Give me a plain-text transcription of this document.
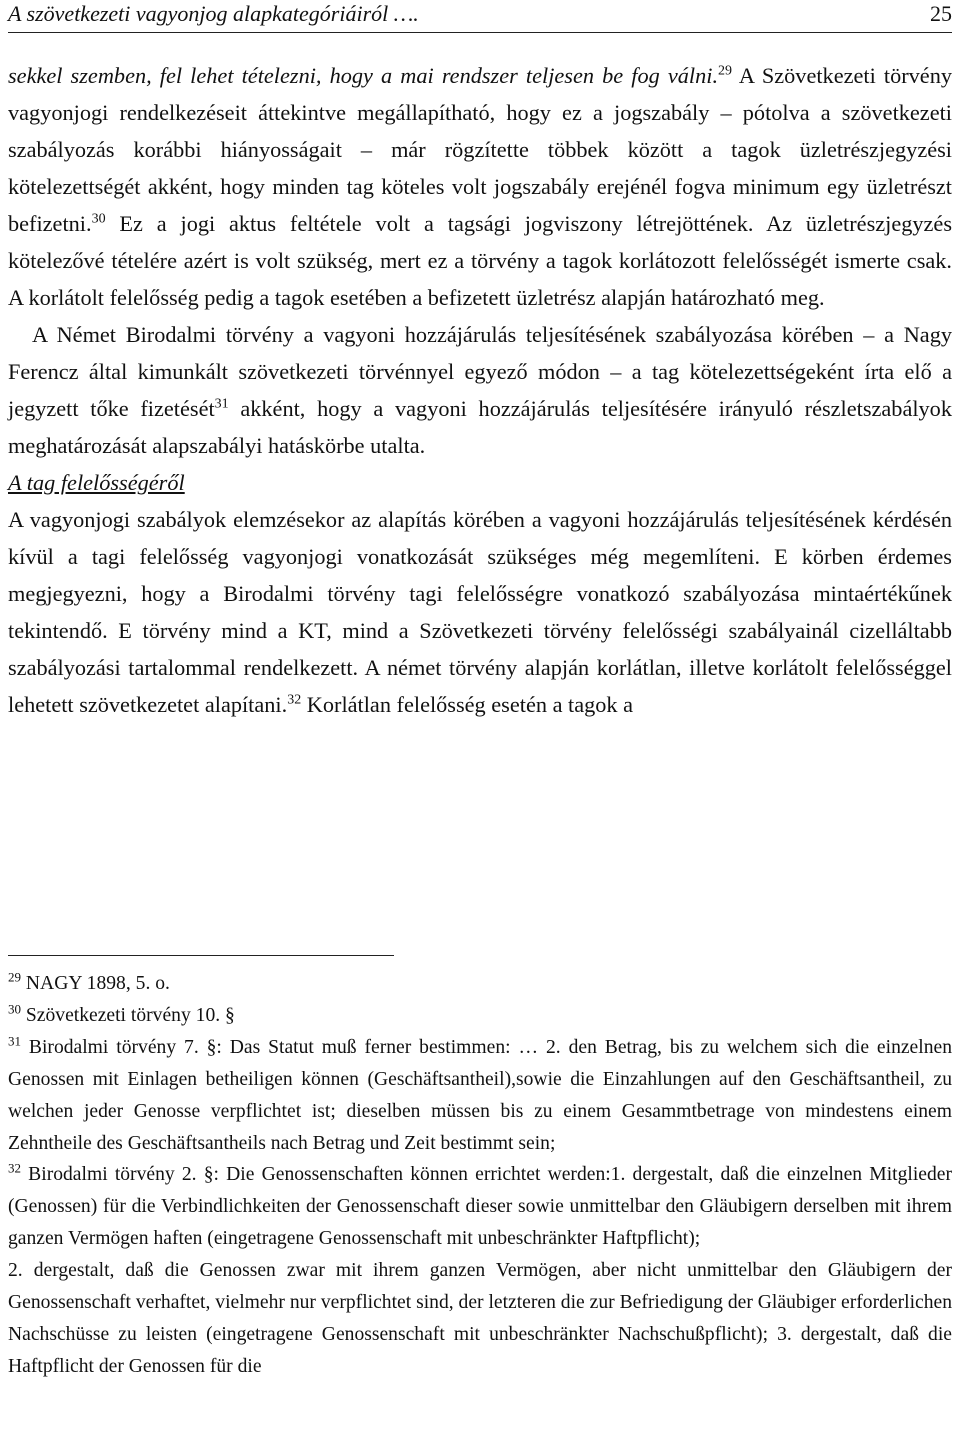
A szövetkezeti vagyonjog alapkategóriáiról ….	25

sekkel szemben, fel lehet tételezni, hogy a mai rendszer teljesen be fog válni.$^{29}$ A Szövetkezeti törvény vagyonjogi rendelkezéseit áttekintve megállapítható, hogy ez a jogszabály – pótolva a szövetkezeti szabályozás korábbi hiányosságait – már rögzítette többek között a tagok üzletrészjegyzési kötelezettségét akként, hogy minden tag köteles volt jogszabály erejénél fogva minimum egy üzletrészt befizetni.$^{30}$ Ez a jogi aktus feltétele volt a tagsági jogviszony létrejöttének. Az üzletrészjegyzés kötelezővé tételére azért is volt szükség, mert ez a törvény a tagok korlátozott felelősségét ismerte csak. A korlátolt felelősség pedig a tagok esetében a befizetett üzletrész alapján határozható meg.

A Német Birodalmi törvény a vagyoni hozzájárulás teljesítésének szabályozása körében – a Nagy Ferencz által kimunkált szövetkezeti törvénnyel egyező módon – a tag kötelezettségeként írta elő a jegyzett tőke fizetését$^{31}$ akként, hogy a vagyoni hozzájárulás teljesítésére irányuló részletszabályok meghatározását alapszabályi hatáskörbe utalta.

A tag felelősségéről

A vagyonjogi szabályok elemzésekor az alapítás körében a vagyoni hozzájárulás teljesítésének kérdésén kívül a tagi felelősség vagyonjogi vonatkozását szükséges még megemlíteni. E körben érdemes megjegyezni, hogy a Birodalmi törvény tagi felelősségre vonatkozó szabályozása mintaértékűnek tekintendő. E törvény mind a KT, mind a Szövetkezeti törvény felelősségi szabályainál cizelláltabb szabályozási tartalommal rendelkezett. A német törvény alapján korlátlan, illetve korlátolt felelősséggel lehetett szövetkezetet alapítani.$^{32}$ Korlátlan felelősség esetén a tagok a

$^{29}$ NAGY 1898, 5. o.

$^{30}$ Szövetkezeti törvény 10. §

$^{31}$ Birodalmi törvény 7. §: Das Statut muß ferner bestimmen: … 2. den Betrag, bis zu welchem sich die einzelnen Genossen mit Einlagen betheiligen können (Geschäftsantheil),sowie die Einzahlungen auf den Geschäftsantheil, zu welchen jeder Genosse verpflichtet ist; dieselben müssen bis zu einem Gesammtbetrage von mindestens einem Zehntheile des Geschäftsantheils nach Betrag und Zeit bestimmt sein;

$^{32}$ Birodalmi törvény 2. §: Die Genossenschaften können errichtet werden:1. dergestalt, daß die einzelnen Mitglieder (Genossen) für die Verbindlichkeiten der Genossenschaft dieser sowie unmittelbar den Gläubigern derselben mit ihrem ganzen Vermögen haften (eingetragene Genossenschaft mit unbeschränkter Haftpflicht);

2. dergestalt, daß die Genossen zwar mit ihrem ganzen Vermögen, aber nicht unmittelbar den Gläubigern der Genossenschaft verhaftet, vielmehr nur verpflichtet sind, der letzteren die zur Befriedigung der Gläubiger erforderlichen Nachschüsse zu leisten (eingetragene Genossenschaft mit unbeschränkter Nachschußpflicht); 3. dergestalt, daß die Haftpflicht der Genossen für die
